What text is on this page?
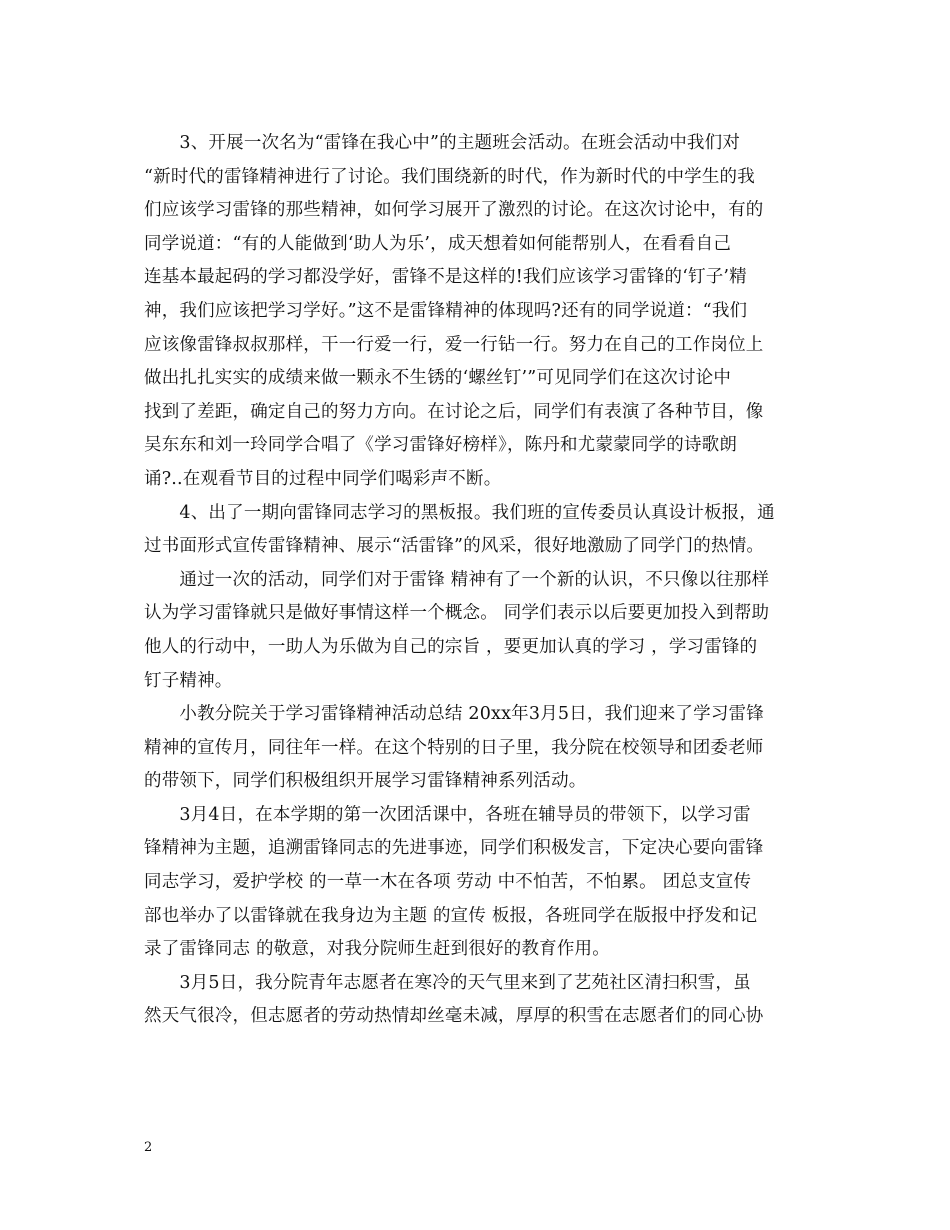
　　3、开展一次名为“雷锋在我心中”的主题班会活动。在班会活动中我们对
“新时代的雷锋精神进行了讨论。我们围绕新的时代，作为新时代的中学生的我
们应该学习雷锋的那些精神，如何学习展开了激烈的讨论。在这次讨论中，有的
同学说道：“有的人能做到‘助人为乐’，成天想着如何能帮别人，在看看自己
连基本最起码的学习都没学好，雷锋不是这样的!我们应该学习雷锋的‘钉子’精
神，我们应该把学习学好。”这不是雷锋精神的体现吗?还有的同学说道：“我们
应该像雷锋叔叔那样，干一行爱一行，爱一行钻一行。努力在自己的工作岗位上
做出扎扎实实的成绩来做一颗永不生锈的‘螺丝钉’”可见同学们在这次讨论中
找到了差距，确定自己的努力方向。在讨论之后，同学们有表演了各种节目，像
吴东东和刘一玲同学合唱了《学习雷锋好榜样》，陈丹和尤蒙蒙同学的诗歌朗
诵?..在观看节目的过程中同学们喝彩声不断。
　　4、出了一期向雷锋同志学习的黑板报。我们班的宣传委员认真设计板报，通
过书面形式宣传雷锋精神、展示“活雷锋”的风采，很好地激励了同学门的热情。
　　通过一次的活动，同学们对于雷锋 精神有了一个新的认识，不只像以往那样
认为学习雷锋就只是做好事情这样一个概念。 同学们表示以后要更加投入到帮助
他人的行动中，一助人为乐做为自己的宗旨 ，要更加认真的学习 ，学习雷锋的
钉子精神。
　　小教分院关于学习雷锋精神活动总结 20xx年3月5日，我们迎来了学习雷锋
精神的宣传月，同往年一样。在这个特别的日子里，我分院在校领导和团委老师
的带领下，同学们积极组织开展学习雷锋精神系列活动。
　　3月4日，在本学期的第一次团活课中，各班在辅导员的带领下，以学习雷
锋精神为主题，追溯雷锋同志的先进事迹，同学们积极发言，下定决心要向雷锋
同志学习，爱护学校 的一草一木在各项 劳动 中不怕苦，不怕累。 团总支宣传
部也举办了以雷锋就在我身边为主题 的宣传 板报，各班同学在版报中抒发和记
录了雷锋同志 的敬意，对我分院师生赶到很好的教育作用。
　　3月5日，我分院青年志愿者在寒冷的天气里来到了艺苑社区清扫积雪，虽
然天气很冷，但志愿者的劳动热情却丝毫未减，厚厚的积雪在志愿者们的同心协
2
